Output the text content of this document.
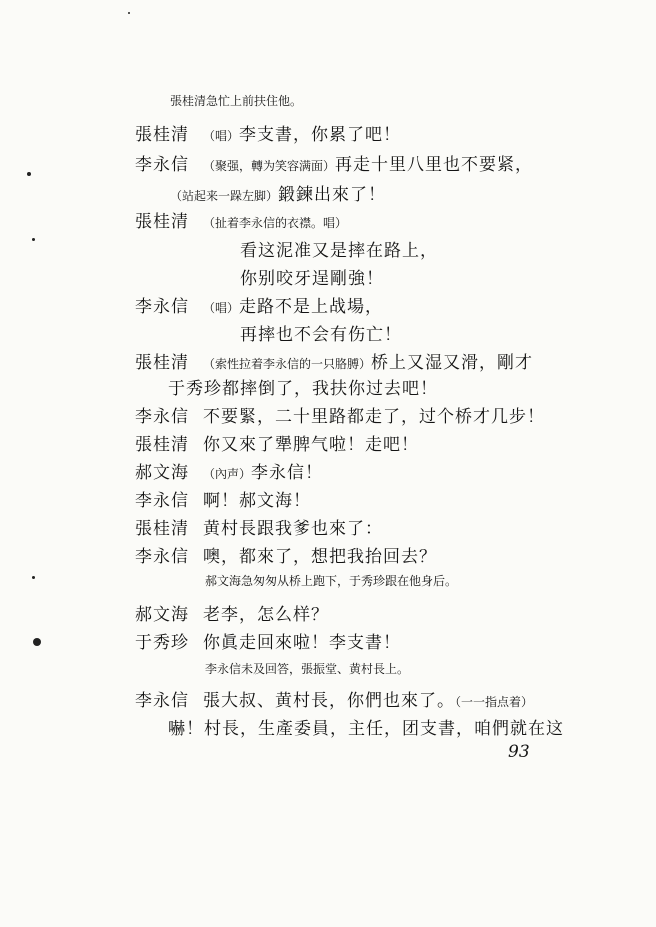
張桂清急忙上前扶住他。
張桂清 （唱）李支書，你累了吧！
李永信 （聚强，轉为笑容满面）再走十里八里也不要紧，
（站起来一跺左脚）鍛鍊出來了！
張桂清 （扯着李永信的衣襟。唱）
看这泥准又是摔在路上，
你别咬牙逞剛強！
李永信 （唱）走路不是上战場，
再摔也不会有伤亡！
張桂清 （索性拉着李永信的一只胳膊）桥上又湿又滑，剛才
于秀珍都摔倒了，我扶你过去吧！
李永信 不要緊，二十里路都走了，过个桥才几步！
張桂清 你又來了犟脾气啦！走吧！
郝文海 （內声）李永信！
李永信 啊！郝文海！
張桂清 黄村長跟我爹也來了：
李永信 噢，都來了，想把我抬回去？
郝文海急匆匆从桥上跑下，于秀珍跟在他身后。
郝文海 老李，怎么样？
于秀珍 你眞走回來啦！李支書！
李永信未及回答，張振堂、黄村長上。
李永信 張大叔、黄村長，你們也來了。（一一指点着）
嚇！村長，生產委員，主任，团支書，咱們就在这
93
